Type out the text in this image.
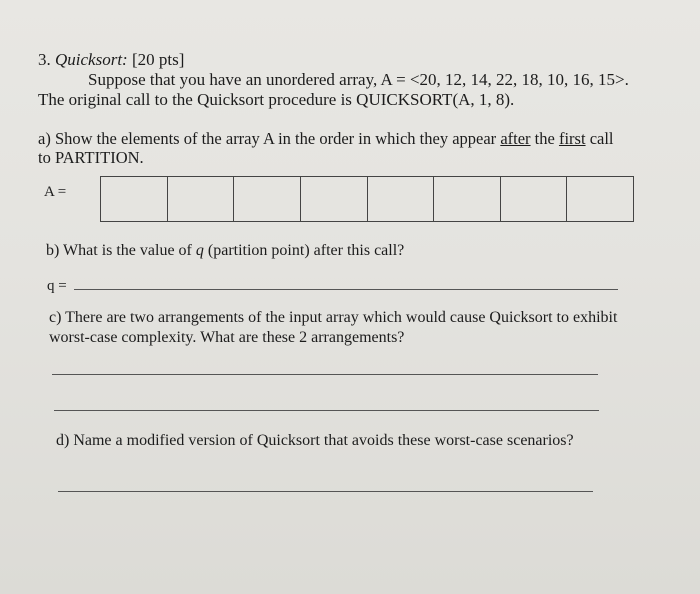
3. Quicksort: [20 pts]
Suppose that you have an unordered array, A = <20, 12, 14, 22, 18, 10, 16, 15>.
The original call to the Quicksort procedure is QUICKSORT(A, 1, 8).
a) Show the elements of the array A in the order in which they appear after the first call
to PARTITION.
A =
b) What is the value of q (partition point) after this call?
q =
c) There are two arrangements of the input array which would cause Quicksort to exhibit
worst-case complexity. What are these 2 arrangements?
d) Name a modified version of Quicksort that avoids these worst-case scenarios?
